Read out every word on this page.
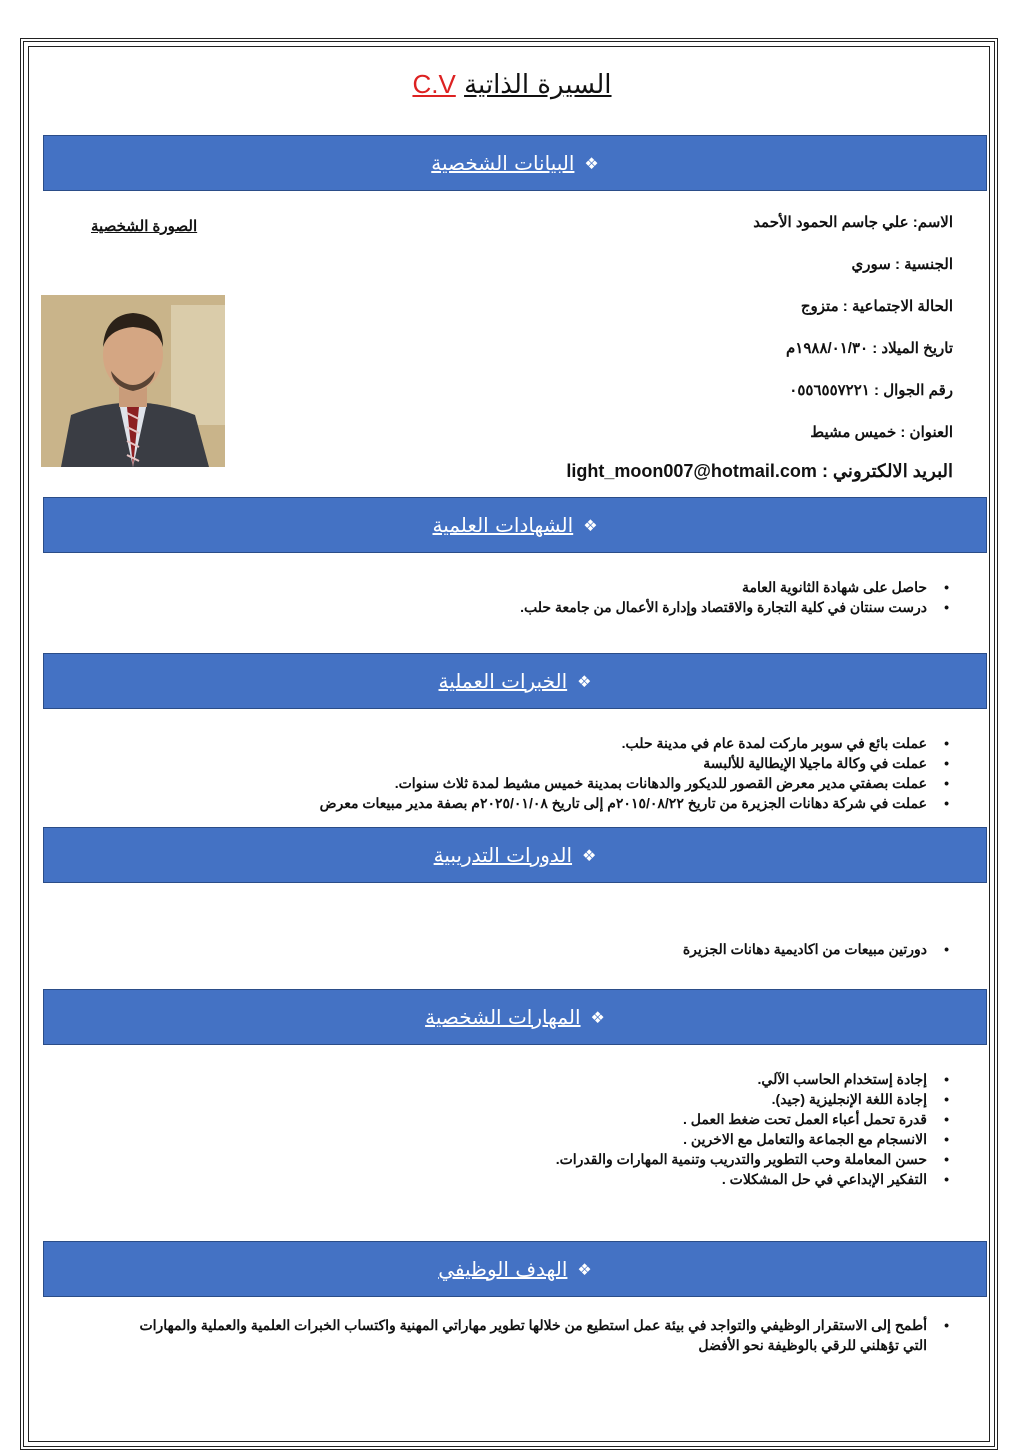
السيرة الذاتية C.V
❖
البيانات الشخصية
الاسم: علي جاسم الحمود الأحمد
الجنسية : سوري
الحالة الاجتماعية : متزوج
تاريخ الميلاد : ١٩٨٨/٠١/٣٠م
رقم الجوال : ٠٥٥٦٥٥٧٢٢١
العنوان : خميس مشيط
البريد الالكتروني : light_moon007@hotmail.com
الصورة الشخصية
❖
الشهادات العلمية
• حاصل على شهادة الثانوية العامة
• درست سنتان في كلية التجارة والاقتصاد وإدارة الأعمال من جامعة حلب.
❖
الخبرات العملية
• عملت بائع في سوبر ماركت لمدة عام في مدينة حلب.
• عملت في وكالة ماجيلا الإيطالية للألبسة
• عملت بصفتي مدير معرض القصور للديكور والدهانات بمدينة خميس مشيط لمدة ثلاث سنوات.
• عملت في شركة دهانات الجزيرة من تاريخ ٢٠١٥/٠٨/٢٢م إلى تاريخ ٢٠٢٥/٠١/٠٨م بصفة مدير مبيعات معرض
❖
الدورات التدريبية
• دورتين مبيعات من اكاديمية دهانات الجزيرة
❖
المهارات الشخصية
• إجادة إستخدام الحاسب الآلي.
• إجادة اللغة الإنجليزية (جيد).
• قدرة تحمل أعباء العمل تحت ضغط العمل .
• الانسجام مع الجماعة والتعامل مع الاخرين .
• حسن المعاملة وحب التطوير والتدريب وتنمية المهارات والقدرات.
• التفكير الإبداعي في حل المشكلات .
❖
الهدف الوظيفي
• أطمح إلى الاستقرار الوظيفي والتواجد في بيئة عمل استطيع من خلالها تطوير مهاراتي المهنية واكتساب الخبرات العلمية والعملية والمهارات التي تؤهلني للرقي بالوظيفة نحو الأفضل
